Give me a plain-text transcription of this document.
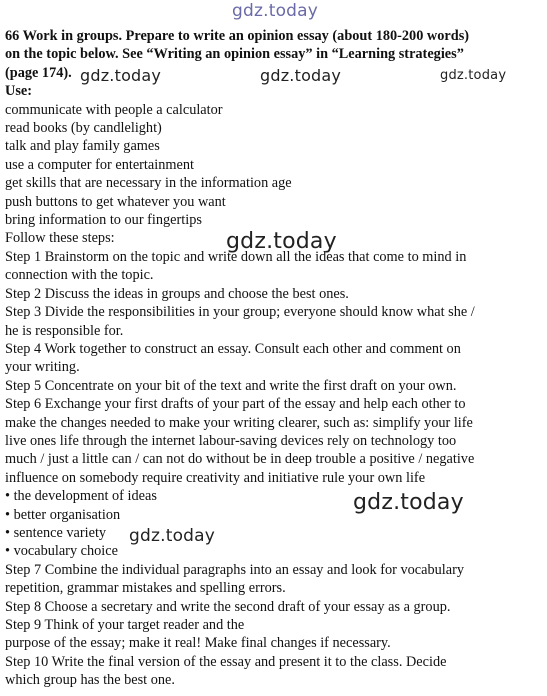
gdz.today

66 Work in groups. Prepare to write an opinion essay (about 180-200 words)
on the topic below. See “Writing an opinion essay” in “Learning strategies”
(page 174).
Use:

communicate with people a calculator

read books (by candlelight)

talk and play family games

use a computer for entertainment

get skills that are necessary in the information age

push buttons to get whatever you want

bring information to our fingertips

Follow these steps:

Step 1 Brainstorm on the topic and write down all the ideas that come to mind in

connection with the topic.

Step 2 Discuss the ideas in groups and choose the best ones.

Step 3 Divide the responsibilities in your group; everyone should know what she /

he is responsible for.

Step 4 Work together to construct an essay. Consult each other and comment on

your writing.

Step 5 Concentrate on your bit of the text and write the first draft on your own.

Step 6 Exchange your first drafts of your part of the essay and help each other to

make the changes needed to make your writing clearer, such as: simplify your life

live ones life through the internet labour-saving devices rely on technology too

much / just a little can / can not do without be in deep trouble a positive / negative

influence on somebody require creativity and initiative rule your own life

• the development of ideas

• better organisation

• sentence variety

• vocabulary choice

Step 7 Combine the individual paragraphs into an essay and look for vocabulary

repetition, grammar mistakes and spelling errors.

Step 8 Choose a secretary and write the second draft of your essay as a group.

Step 9 Think of your target reader and the

purpose of the essay; make it real! Make final changes if necessary.

Step 10 Write the final version of the essay and present it to the class. Decide

which group has the best one.

gdz.today	gdz.today	gdz.today
gdz.today
gdz.today
gdz.today
